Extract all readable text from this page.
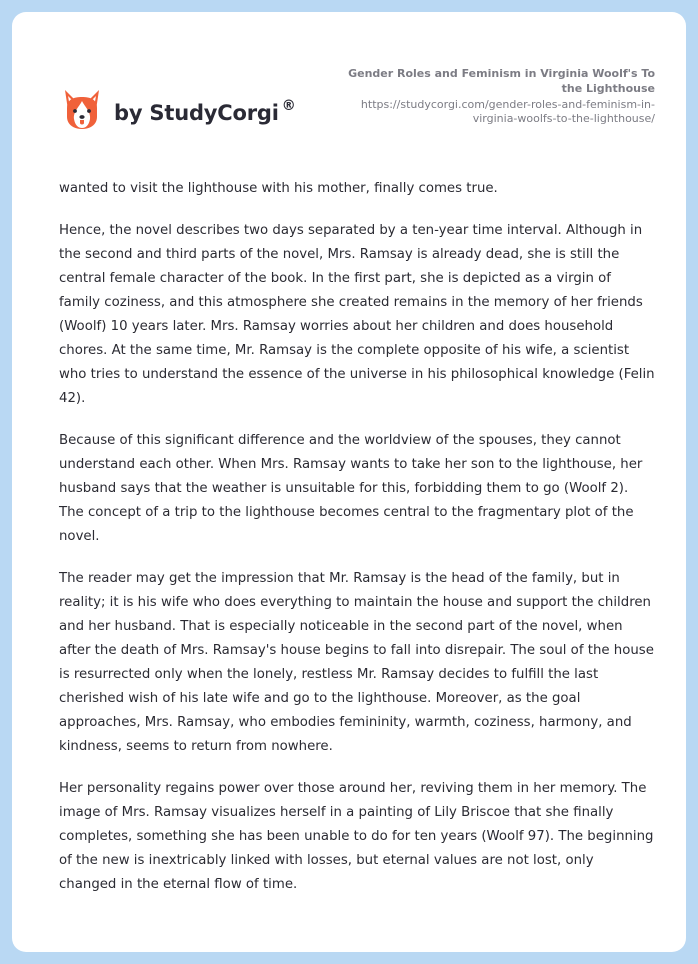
by StudyCorgi ®
Gender Roles and Feminism in Virginia Woolf's To the Lighthouse
https://studycorgi.com/gender-roles-and-feminism-in-virginia-woolfs-to-the-lighthouse/

wanted to visit the lighthouse with his mother, finally comes true.

Hence, the novel describes two days separated by a ten-year time interval. Although in the second and third parts of the novel, Mrs. Ramsay is already dead, she is still the central female character of the book. In the first part, she is depicted as a virgin of family coziness, and this atmosphere she created remains in the memory of her friends (Woolf) 10 years later. Mrs. Ramsay worries about her children and does household chores. At the same time, Mr. Ramsay is the complete opposite of his wife, a scientist who tries to understand the essence of the universe in his philosophical knowledge (Felin 42).

Because of this significant difference and the worldview of the spouses, they cannot understand each other. When Mrs. Ramsay wants to take her son to the lighthouse, her husband says that the weather is unsuitable for this, forbidding them to go (Woolf 2). The concept of a trip to the lighthouse becomes central to the fragmentary plot of the novel.

The reader may get the impression that Mr. Ramsay is the head of the family, but in reality; it is his wife who does everything to maintain the house and support the children and her husband. That is especially noticeable in the second part of the novel, when after the death of Mrs. Ramsay's house begins to fall into disrepair. The soul of the house is resurrected only when the lonely, restless Mr. Ramsay decides to fulfill the last cherished wish of his late wife and go to the lighthouse. Moreover, as the goal approaches, Mrs. Ramsay, who embodies femininity, warmth, coziness, harmony, and kindness, seems to return from nowhere.

Her personality regains power over those around her, reviving them in her memory. The image of Mrs. Ramsay visualizes herself in a painting of Lily Briscoe that she finally completes, something she has been unable to do for ten years (Woolf 97). The beginning of the new is inextricably linked with losses, but eternal values are not lost, only changed in the eternal flow of time.
